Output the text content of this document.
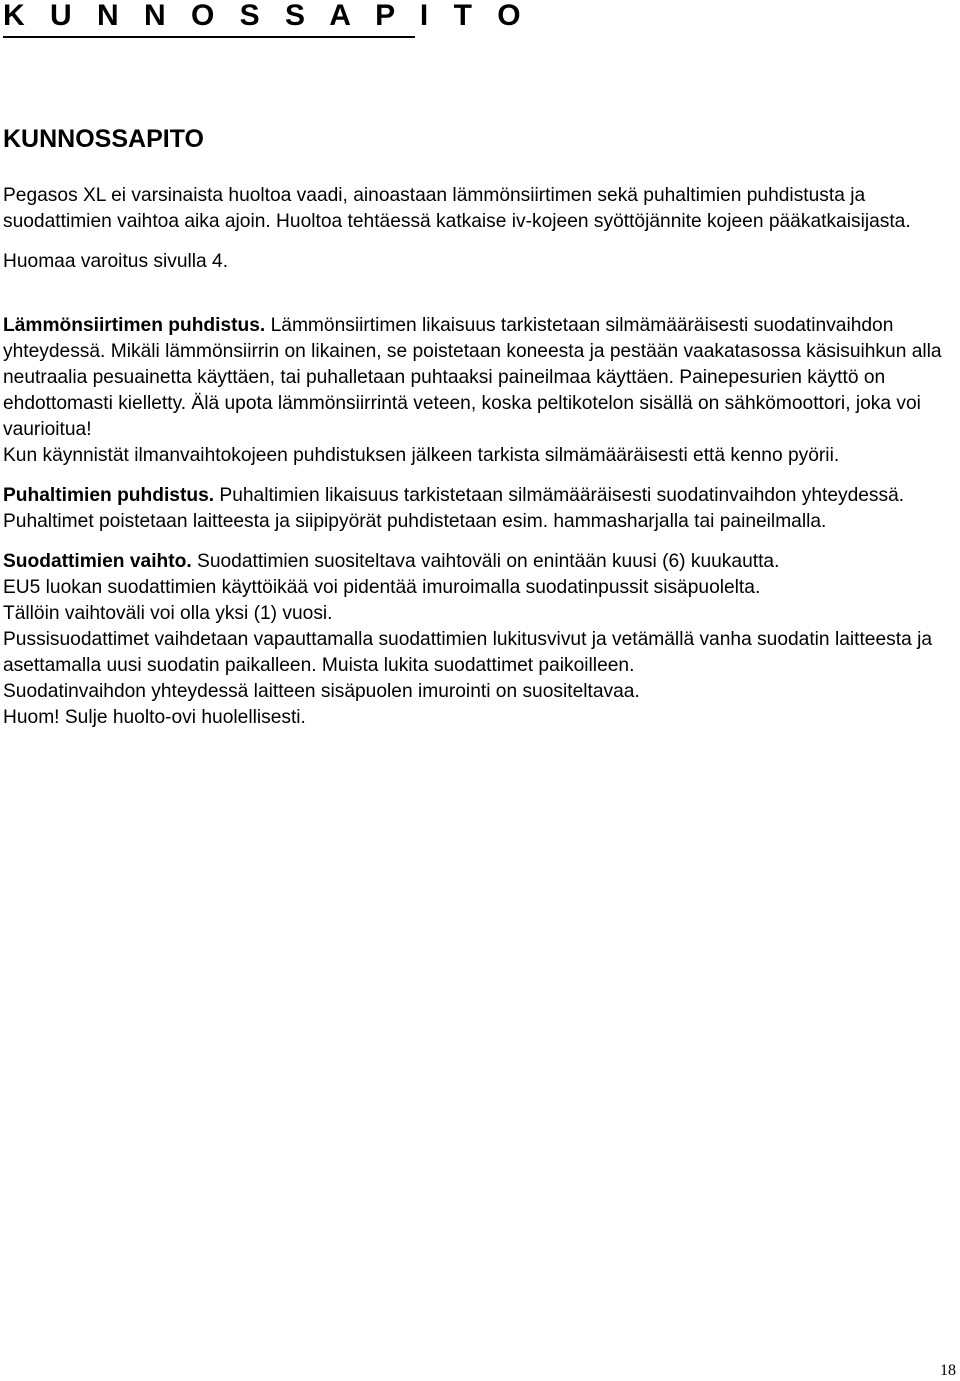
K U N N O S S A P I T O
KUNNOSSAPITO

Pegasos XL ei varsinaista huoltoa vaadi, ainoastaan lämmönsiirtimen sekä puhaltimien puhdistusta ja suodattimien vaihtoa aika ajoin. Huoltoa tehtäessä katkaise iv-kojeen syöttöjännite kojeen pääkatkaisijasta.

Huomaa varoitus sivulla 4.

Lämmönsiirtimen puhdistus. Lämmönsiirtimen likaisuus tarkistetaan silmämääräisesti suodatinvaihdon yhteydessä. Mikäli lämmönsiirrin on likainen, se poistetaan koneesta ja pestään vaakatasossa käsisuihkun alla neutraalia pesuainetta käyttäen, tai puhalletaan puhtaaksi paineilmaa käyttäen. Painepesurien käyttö on ehdottomasti kielletty. Älä upota lämmönsiirrintä veteen, koska peltikotelon sisällä on sähkömoottori, joka voi vaurioitua!

Kun käynnistät ilmanvaihtokojeen puhdistuksen jälkeen tarkista silmämääräisesti että kenno pyörii.

Puhaltimien puhdistus. Puhaltimien likaisuus tarkistetaan silmämääräisesti suodatinvaihdon yhteydessä. Puhaltimet poistetaan laitteesta ja siipipyörät puhdistetaan esim. hammasharjalla tai paineilmalla.

Suodattimien vaihto. Suodattimien suositeltava vaihtoväli on enintään kuusi (6) kuukautta.

EU5 luokan suodattimien käyttöikää voi pidentää imuroimalla suodatinpussit sisäpuolelta.

Tällöin vaihtoväli voi olla yksi (1) vuosi.

Pussisuodattimet vaihdetaan vapauttamalla suodattimien lukitusvivut ja vetämällä vanha suodatin laitteesta ja asettamalla uusi suodatin paikalleen. Muista lukita suodattimet paikoilleen.

Suodatinvaihdon yhteydessä laitteen sisäpuolen imurointi on suositeltavaa.

Huom! Sulje huolto-ovi huolellisesti.

18
